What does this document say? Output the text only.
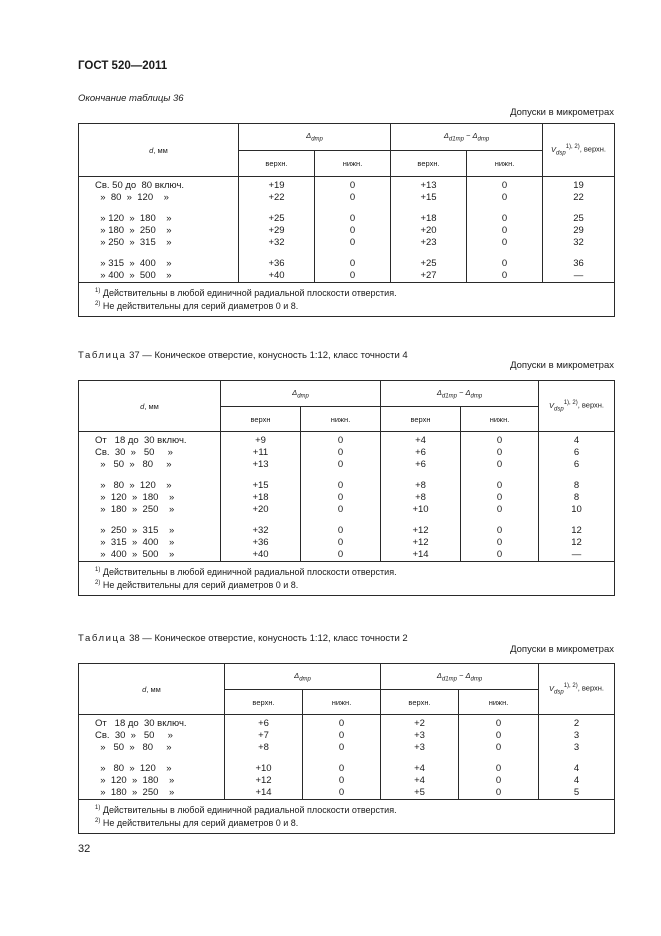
ГОСТ 520—2011
Окончание таблицы 36
Допуски в микрометрах
d, мм	$\Delta_{dmp}$		$\Delta_{d1mp} - \Delta_{dmp}$		$V_{dsp}^{1), 2)}$, верхн.
	верхн.	нижн.	верхн.	нижн.	
Св. 50 до  80 включ.	+19	0	+13	0	19
»  80  »  120    »	+22	0	+15	0	22

» 120  »  180    »	+25	0	+18	0	25
» 180  »  250    »	+29	0	+20	0	29
» 250  »  315    »	+32	0	+23	0	32

» 315  »  400    »	+36	0	+25	0	36
» 400  »  500    »	+40	0	+27	0	—

$^{1)}$ Действительны в любой единичной радиальной плоскости отверстия.
$^{2)}$ Не действительны для серий диаметров 0 и 8.					
Таблица 37 — Коническое отверстие, конусность 1:12, класс точности 4
Допуски в микрометрах
d, мм	$\Delta_{dmp}$		$\Delta_{d1mp} - \Delta_{dmp}$		$V_{dsp}^{1), 2)}$, верхн.
	верхн	нижн.	верхн	нижн.	
От   18 до  30 включ.	+9	0	+4	0	4
Св.  30  »   50     »	+11	0	+6	0	6
»   50  »   80     »	+13	0	+6	0	6

»   80  »  120    »	+15	0	+8	0	8
»  120  »  180    »	+18	0	+8	0	8
»  180  »  250    »	+20	0	+10	0	10

»  250  »  315    »	+32	0	+12	0	12
»  315  »  400    »	+36	0	+12	0	12
»  400  »  500    »	+40	0	+14	0	—

$^{1)}$ Действительны в любой единичной радиальной плоскости отверстия.
$^{2)}$ Не действительны для серий диаметров 0 и 8.					
Таблица 38 — Коническое отверстие, конусность 1:12, класс точности 2
Допуски в микрометрах
d, мм	$\Delta_{dmp}$		$\Delta_{d1mp} - \Delta_{dmp}$		$V_{dsp}^{1), 2)}$, верхн.
	верхн.	нижн.	верхн.	нижн.	
От   18 до  30 включ.	+6	0	+2	0	2
Св.  30  »   50     »	+7	0	+3	0	3
»   50  »   80     »	+8	0	+3	0	3

»   80  »  120    »	+10	0	+4	0	4
»  120  »  180    »	+12	0	+4	0	4
»  180  »  250    »	+14	0	+5	0	5

$^{1)}$ Действительны в любой единичной радиальной плоскости отверстия.
$^{2)}$ Не действительны для серий диаметров 0 и 8.					
32
